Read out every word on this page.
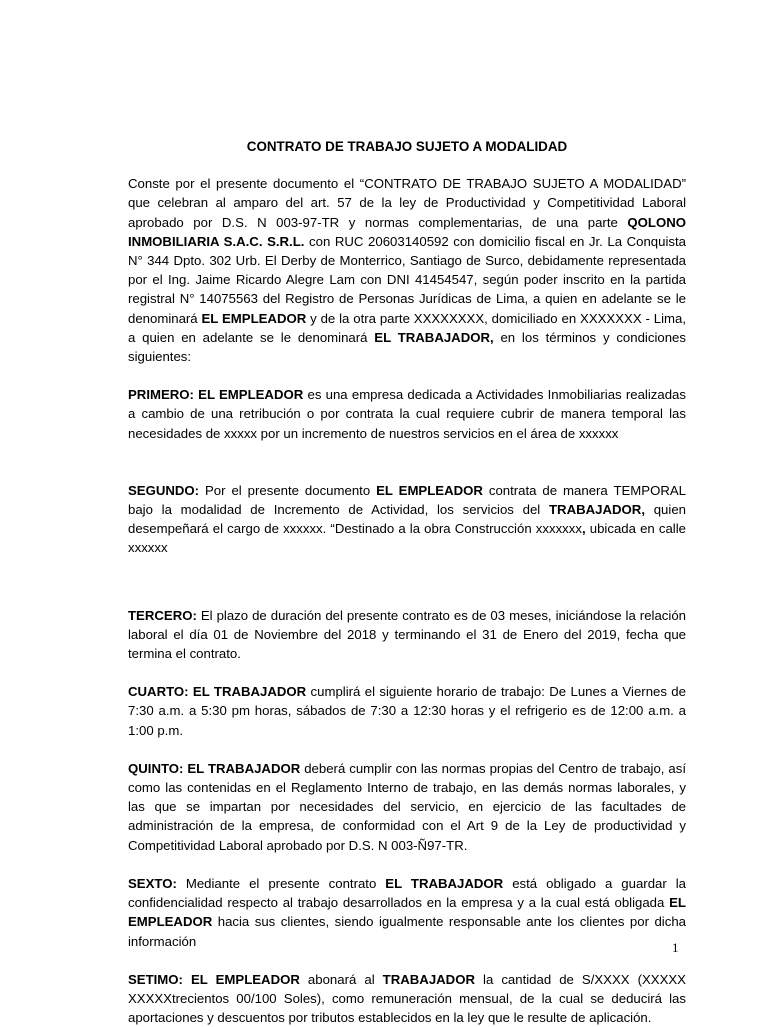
CONTRATO DE TRABAJO SUJETO A MODALIDAD

Conste por el presente documento el “CONTRATO DE TRABAJO SUJETO A MODALIDAD” que celebran al amparo del art. 57 de la ley de Productividad y Competitividad Laboral aprobado por D.S. N 003-97-TR y normas complementarias, de una parte QOLONO INMOBILIARIA S.A.C. S.R.L. con RUC 20603140592 con domicilio fiscal en Jr. La Conquista N° 344 Dpto. 302 Urb. El Derby de Monterrico, Santiago de Surco, debidamente representada por el Ing. Jaime Ricardo Alegre Lam con DNI 41454547, según poder inscrito en la partida registral N° 14075563 del Registro de Personas Jurídicas de Lima, a quien en adelante se le denominará EL EMPLEADOR y de la otra parte XXXXXXXX, domiciliado en XXXXXXX - Lima, a quien en adelante se le denominará EL TRABAJADOR, en los términos y condiciones siguientes:

PRIMERO: EL EMPLEADOR es una empresa dedicada a Actividades Inmobiliarias realizadas a cambio de una retribución o por contrata la cual requiere cubrir de manera temporal las necesidades de xxxxx por un incremento de nuestros servicios en el área de xxxxxx

SEGUNDO: Por el presente documento EL EMPLEADOR contrata de manera TEMPORAL bajo la modalidad de Incremento de Actividad, los servicios del TRABAJADOR, quien desempeñará el cargo de xxxxxx. “Destinado a la obra Construcción xxxxxxx, ubicada en calle xxxxxx

TERCERO: El plazo de duración del presente contrato es de 03 meses, iniciándose la relación laboral el día 01 de Noviembre del 2018 y terminando el 31 de Enero del 2019, fecha que termina el contrato.

CUARTO: EL TRABAJADOR cumplirá el siguiente horario de trabajo: De Lunes a Viernes de 7:30 a.m. a 5:30 pm horas, sábados de 7:30 a 12:30 horas y el refrigerio es de 12:00 a.m. a 1:00 p.m.

QUINTO: EL TRABAJADOR deberá cumplir con las normas propias del Centro de trabajo, así como las contenidas en el Reglamento Interno de trabajo, en las demás normas laborales, y las que se impartan por necesidades del servicio, en ejercicio de las facultades de administración de la empresa, de conformidad con el Art 9 de la Ley de productividad y Competitividad Laboral aprobado por D.S. N 003-Ñ97-TR.

SEXTO: Mediante el presente contrato EL TRABAJADOR está obligado a guardar la confidencialidad respecto al trabajo desarrollados en la empresa y a la cual está obligada EL EMPLEADOR hacia sus clientes, siendo igualmente responsable ante los clientes por dicha información

SETIMO: EL EMPLEADOR abonará al TRABAJADOR la cantidad de S/XXXX (XXXXX XXXXXtrecientos 00/100 Soles), como remuneración mensual, de la cual se deducirá las aportaciones y descuentos por tributos establecidos en la ley que le resulte de aplicación.

1
